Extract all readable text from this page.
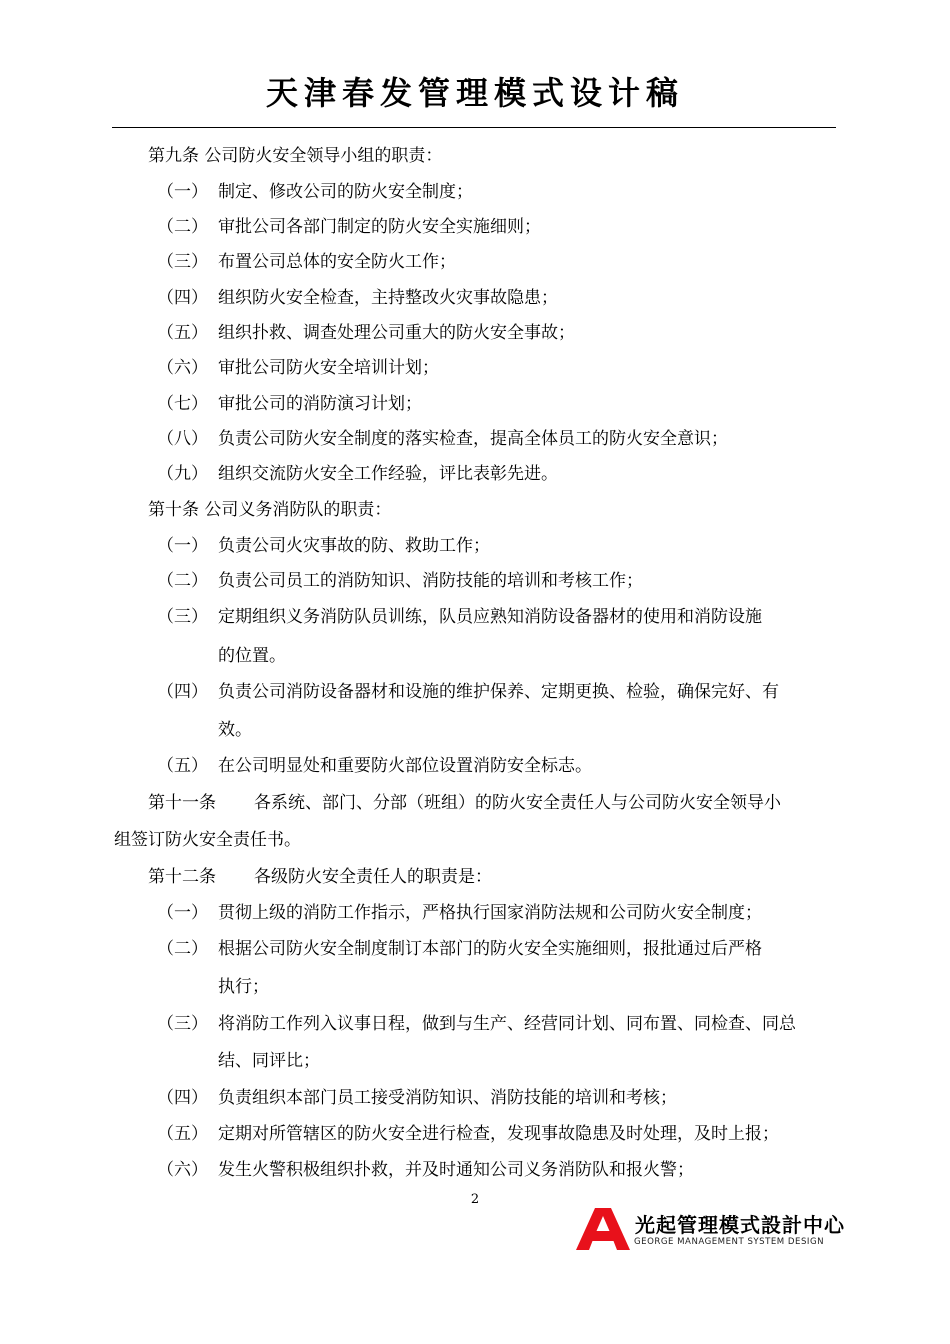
天津春发管理模式设计稿
第九条 公司防火安全领导小组的职责：
（一） 制定、修改公司的防火安全制度；
（二） 审批公司各部门制定的防火安全实施细则；
（三） 布置公司总体的安全防火工作；
（四） 组织防火安全检查，主持整改火灾事故隐患；
（五） 组织扑救、调查处理公司重大的防火安全事故；
（六） 审批公司防火安全培训计划；
（七） 审批公司的消防演习计划；
（八） 负责公司防火安全制度的落实检查，提高全体员工的防火安全意识；
（九） 组织交流防火安全工作经验，评比表彰先进。
第十条 公司义务消防队的职责：
（一） 负责公司火灾事故的防、救助工作；
（二） 负责公司员工的消防知识、消防技能的培训和考核工作；
（三） 定期组织义务消防队员训练，队员应熟知消防设备器材的使用和消防设施
的位置。
（四） 负责公司消防设备器材和设施的维护保养、定期更换、检验，确保完好、有
效。
（五） 在公司明显处和重要防火部位设置消防安全标志。
第十一条 各系统、部门、分部（班组）的防火安全责任人与公司防火安全领导小
组签订防火安全责任书。
第十二条 各级防火安全责任人的职责是：
（一） 贯彻上级的消防工作指示，严格执行国家消防法规和公司防火安全制度；
（二） 根据公司防火安全制度制订本部门的防火安全实施细则，报批通过后严格
执行；
（三） 将消防工作列入议事日程，做到与生产、经营同计划、同布置、同检查、同总
结、同评比；
（四） 负责组织本部门员工接受消防知识、消防技能的培训和考核；
（五） 定期对所管辖区的防火安全进行检查，发现事故隐患及时处理，及时上报；
（六） 发生火警积极组织扑救，并及时通知公司义务消防队和报火警；
2
光起管理模式設計中心
GEORGE MANAGEMENT SYSTEM DESIGN
